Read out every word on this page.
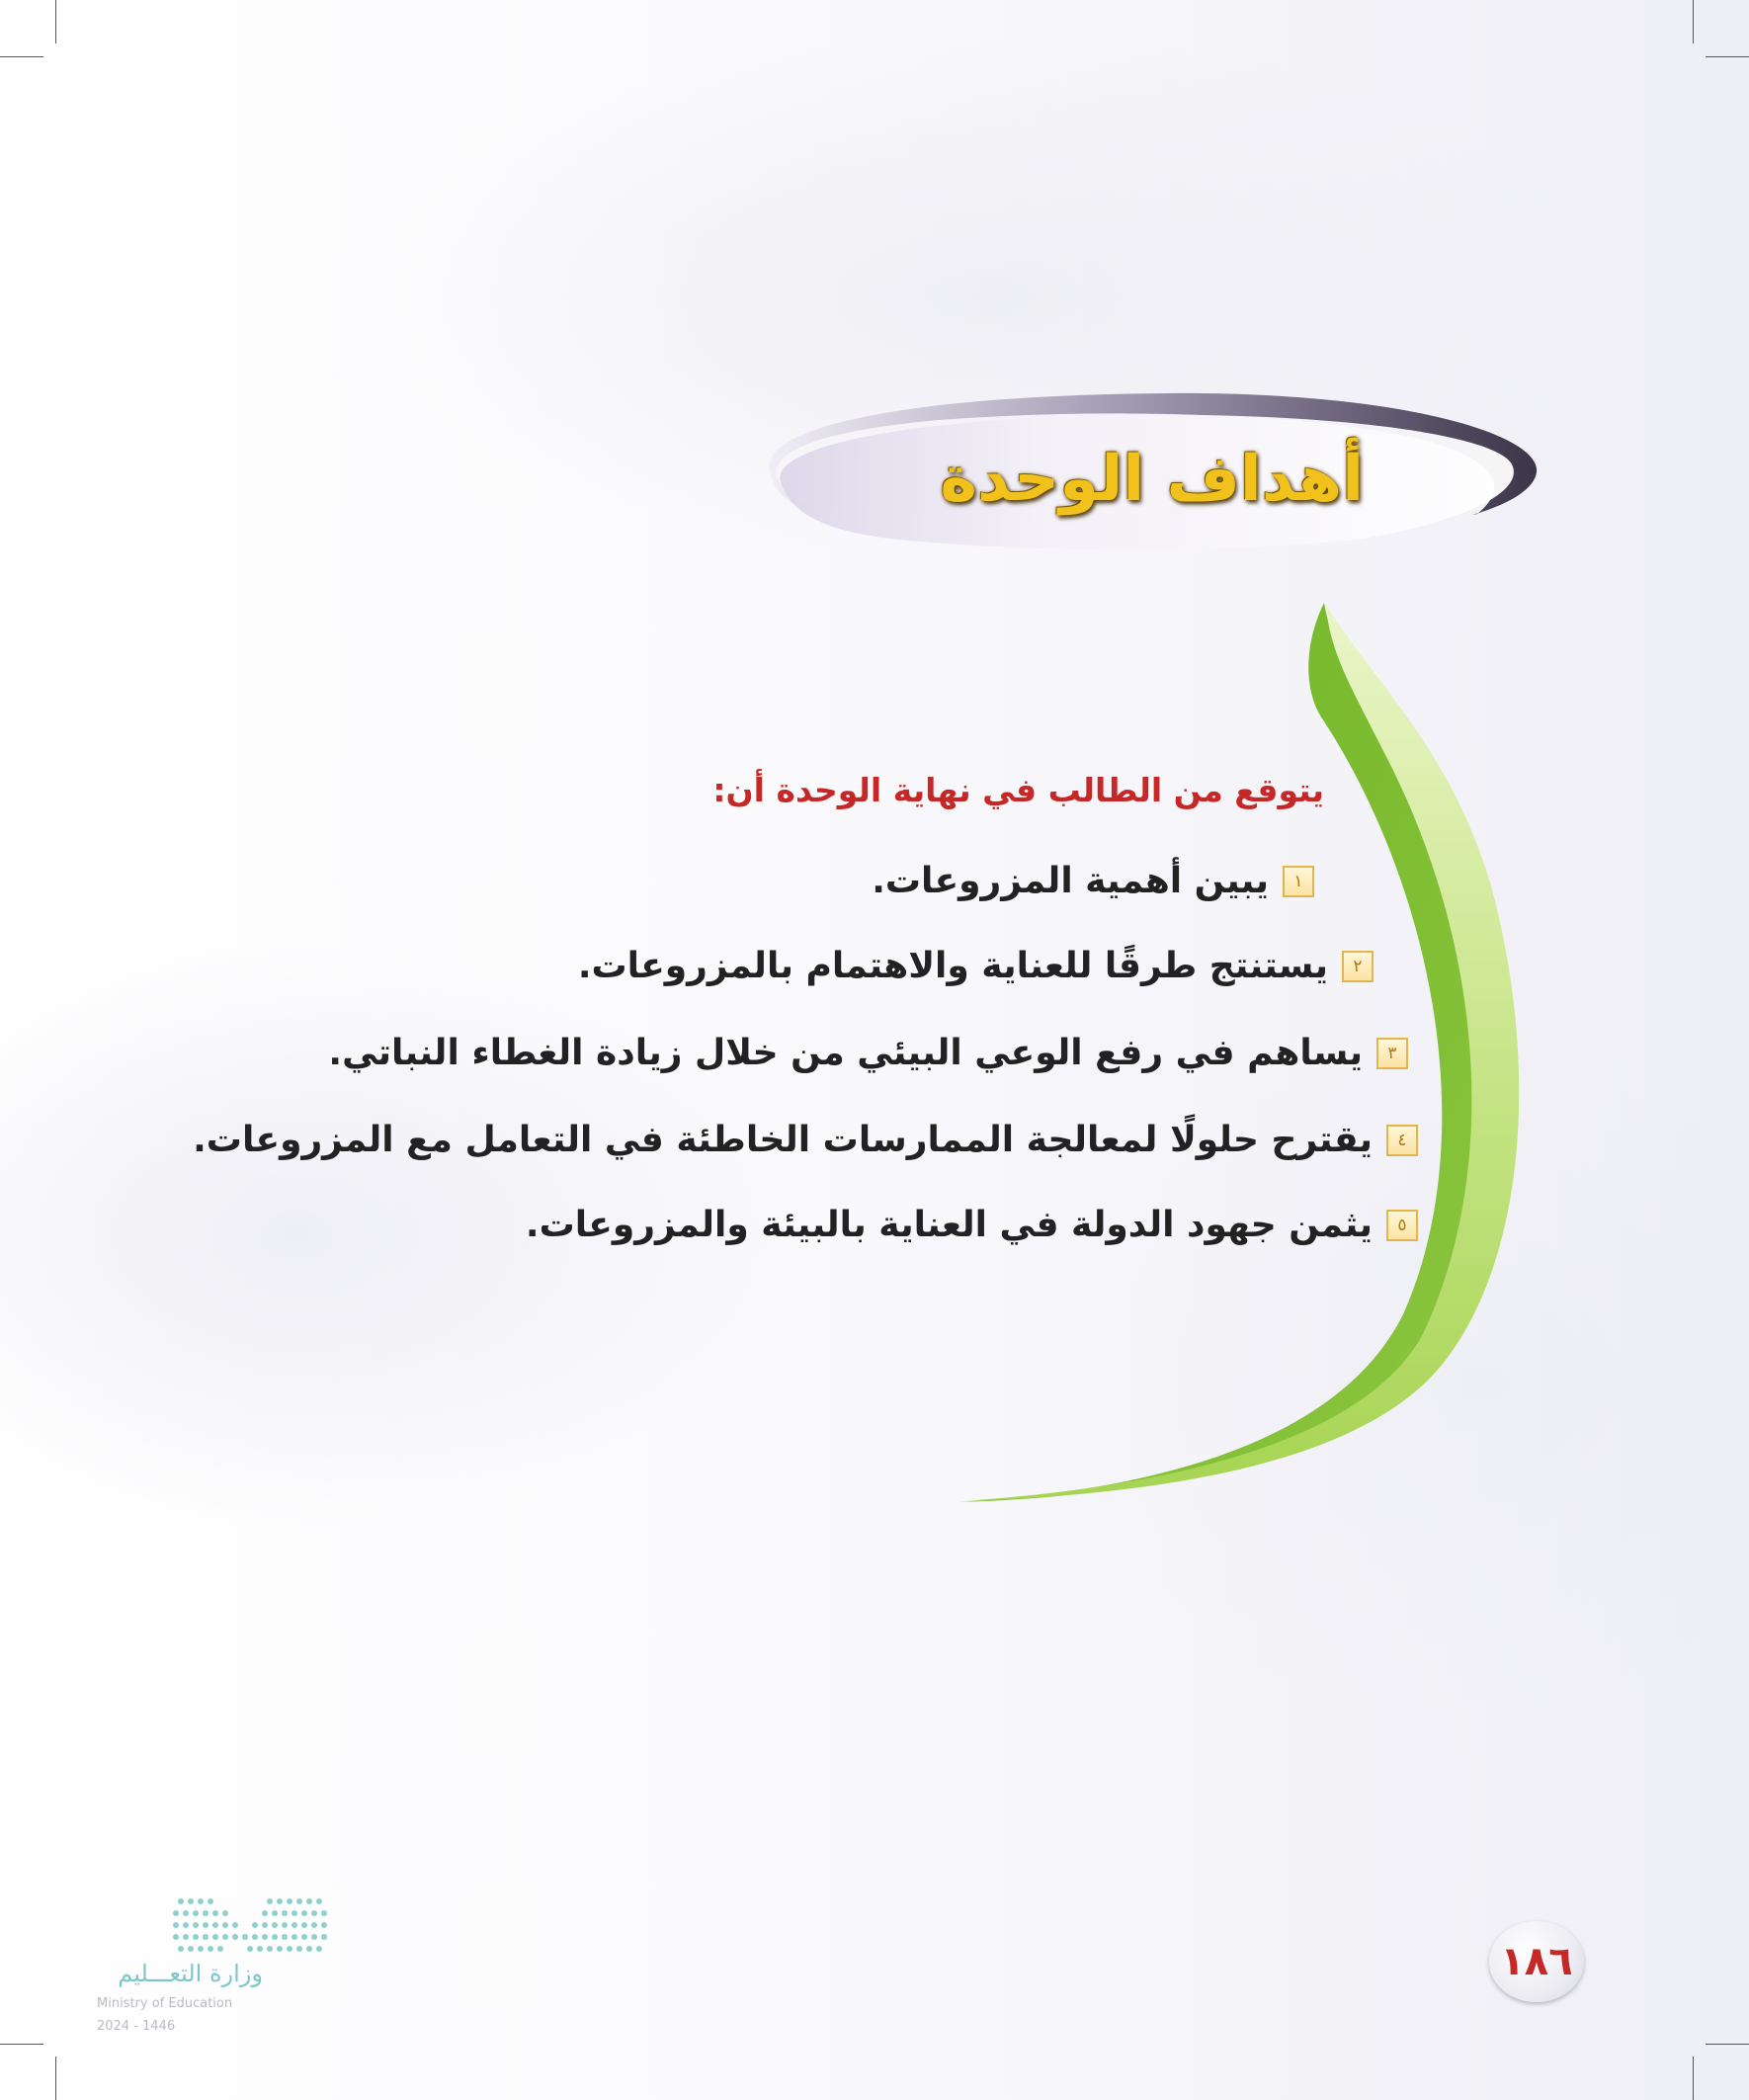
أهداف الوحدة
يتوقع من الطالب في نهاية الوحدة أن:
١
يبين أهمية المزروعات.
٢
يستنتج طرقًا للعناية والاهتمام بالمزروعات.
٣
يساهم في رفع الوعي البيئي من خلال زيادة الغطاء النباتي.
٤
يقترح حلولًا لمعالجة الممارسات الخاطئة في التعامل مع المزروعات.
٥
يثمن جهود الدولة في العناية بالبيئة والمزروعات.
١٨٦
وزارة التعـــليم
Ministry of Education
2024 - 1446
